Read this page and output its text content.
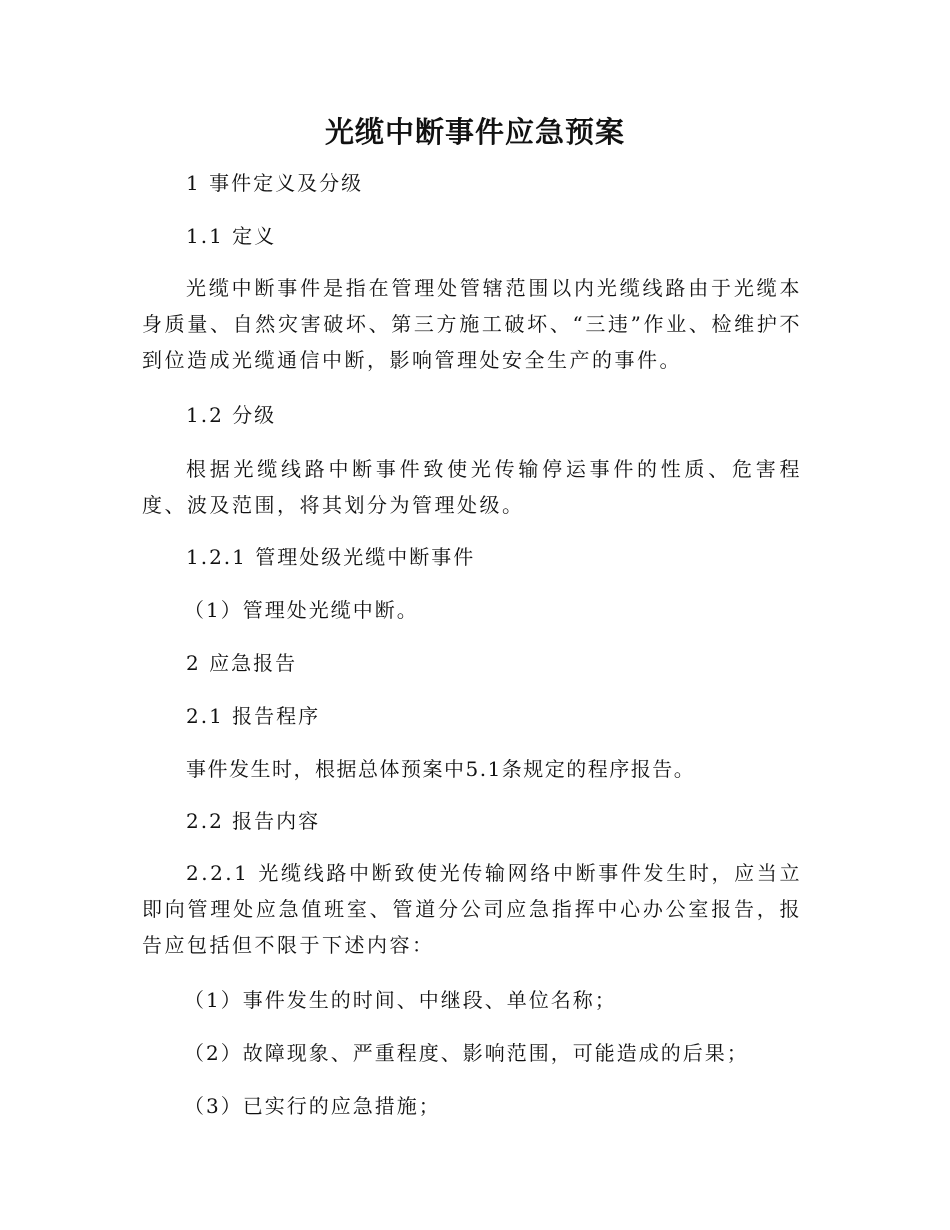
光缆中断事件应急预案
1 事件定义及分级
1.1 定义
光缆中断事件是指在管理处管辖范围以内光缆线路由于光缆本身质量、自然灾害破坏、第三方施工破坏、“三违”作业、检维护不到位造成光缆通信中断，影响管理处安全生产的事件。
1.2 分级
根据光缆线路中断事件致使光传输停运事件的性质、危害程度、波及范围，将其划分为管理处级。
1.2.1 管理处级光缆中断事件
（1）管理处光缆中断。
2 应急报告
2.1 报告程序
事件发生时，根据总体预案中5.1条规定的程序报告。
2.2 报告内容
2.2.1 光缆线路中断致使光传输网络中断事件发生时，应当立即向管理处应急值班室、管道分公司应急指挥中心办公室报告，报告应包括但不限于下述内容：
（1）事件发生的时间、中继段、单位名称；
（2）故障现象、严重程度、影响范围，可能造成的后果；
（3）已实行的应急措施；
